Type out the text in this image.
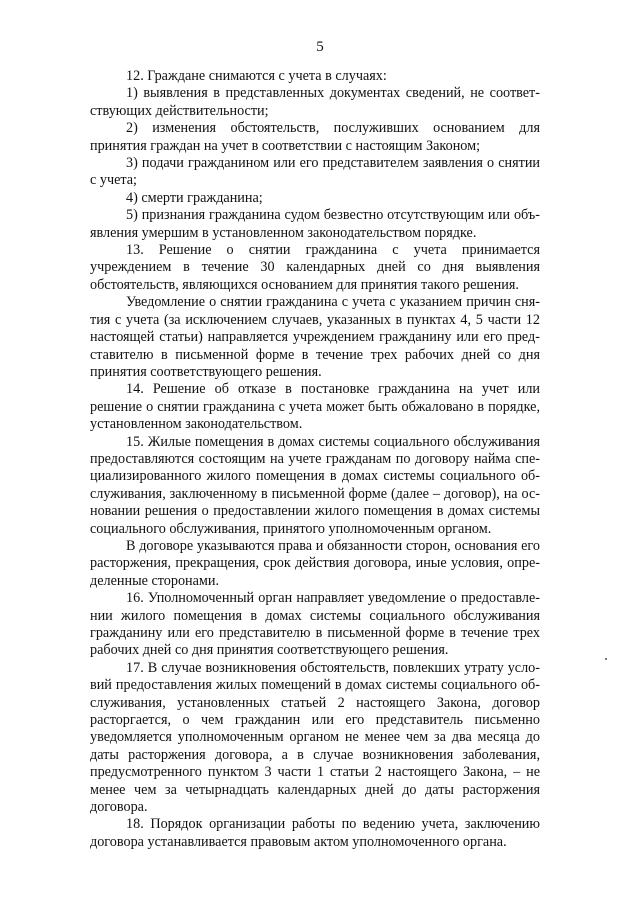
5

12. Граждане снимаются с учета в случаях:

1) выявления в представленных документах сведений, не соответствующих действительности;

2) изменения обстоятельств, послуживших основанием для принятия граждан на учет в соответствии с настоящим Законом;

3) подачи гражданином или его представителем заявления о снятии с учета;

4) смерти гражданина;

5) признания гражданина судом безвестно отсутствующим или объявления умершим в установленном законодательством порядке.

13. Решение о снятии гражданина с учета принимается учреждением в течение 30 календарных дней со дня выявления обстоятельств, являющихся основанием для принятия такого решения.

Уведомление о снятии гражданина с учета с указанием причин снятия с учета (за исключением случаев, указанных в пунктах 4, 5 части 12 настоящей статьи) направляется учреждением гражданину или его представителю в письменной форме в течение трех рабочих дней со дня принятия соответствующего решения.

14. Решение об отказе в постановке гражданина на учет или решение о снятии гражданина с учета может быть обжаловано в порядке, установленном законодательством.

15. Жилые помещения в домах системы социального обслуживания предоставляются состоящим на учете гражданам по договору найма специализированного жилого помещения в домах системы социального обслуживания, заключенному в письменной форме (далее – договор), на основании решения о предоставлении жилого помещения в домах системы социального обслуживания, принятого уполномоченным органом.

В договоре указываются права и обязанности сторон, основания его расторжения, прекращения, срок действия договора, иные условия, определенные сторонами.

16. Уполномоченный орган направляет уведомление о предоставлении жилого помещения в домах системы социального обслуживания гражданину или его представителю в письменной форме в течение трех рабочих дней со дня принятия соответствующего решения.

17. В случае возникновения обстоятельств, повлекших утрату условий предоставления жилых помещений в домах системы социального обслуживания, установленных статьей 2 настоящего Закона, договор расторгается, о чем гражданин или его представитель письменно уведомляется уполномоченным органом не менее чем за два месяца до даты расторжения договора, а в случае возникновения заболевания, предусмотренного пунктом 3 части 1 статьи 2 настоящего Закона, – не менее чем за четырнадцать календарных дней до даты расторжения договора.

18. Порядок организации работы по ведению учета, заключению договора устанавливается правовым актом уполномоченного органа.
